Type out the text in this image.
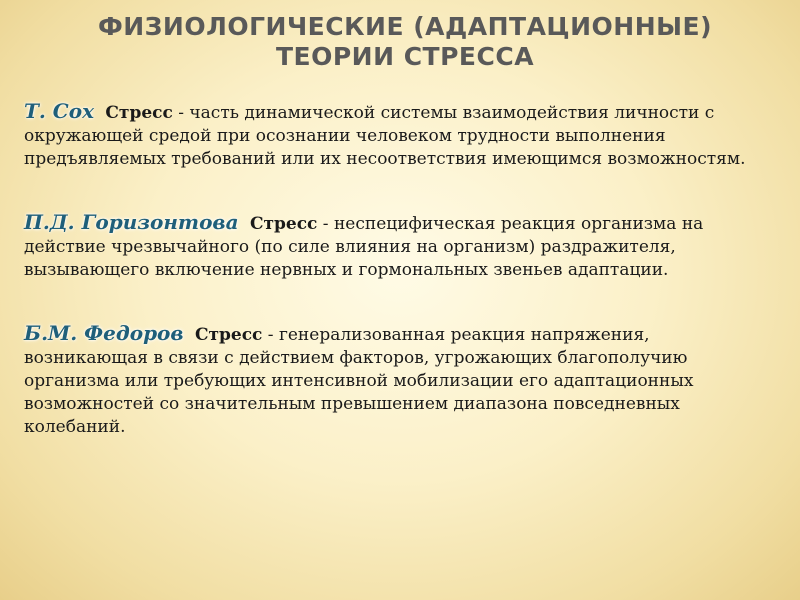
ФИЗИОЛОГИЧЕСКИЕ (АДАПТАЦИОННЫЕ)
ТЕОРИИ СТРЕССА

Т. Сох Стресс - часть динамической системы взаимодействия личности с окружающей средой при осознании человеком трудности выполнения предъявляемых требований или их несоответствия имеющимся возможностям.

П.Д. Горизонтова Стресс - неспецифическая реакция организма на действие чрезвычайного (по силе влияния на организм) раздражителя, вызывающего включение нервных и гормональных звеньев адаптации.

Б.М. Федоров Стресс - генерализованная реакция напряжения, возникающая в связи с действием факторов, угрожающих благополучию организма или требующих интенсивной мобилизации его адаптационных возможностей со значительным превышением диапазона повседневных колебаний.
